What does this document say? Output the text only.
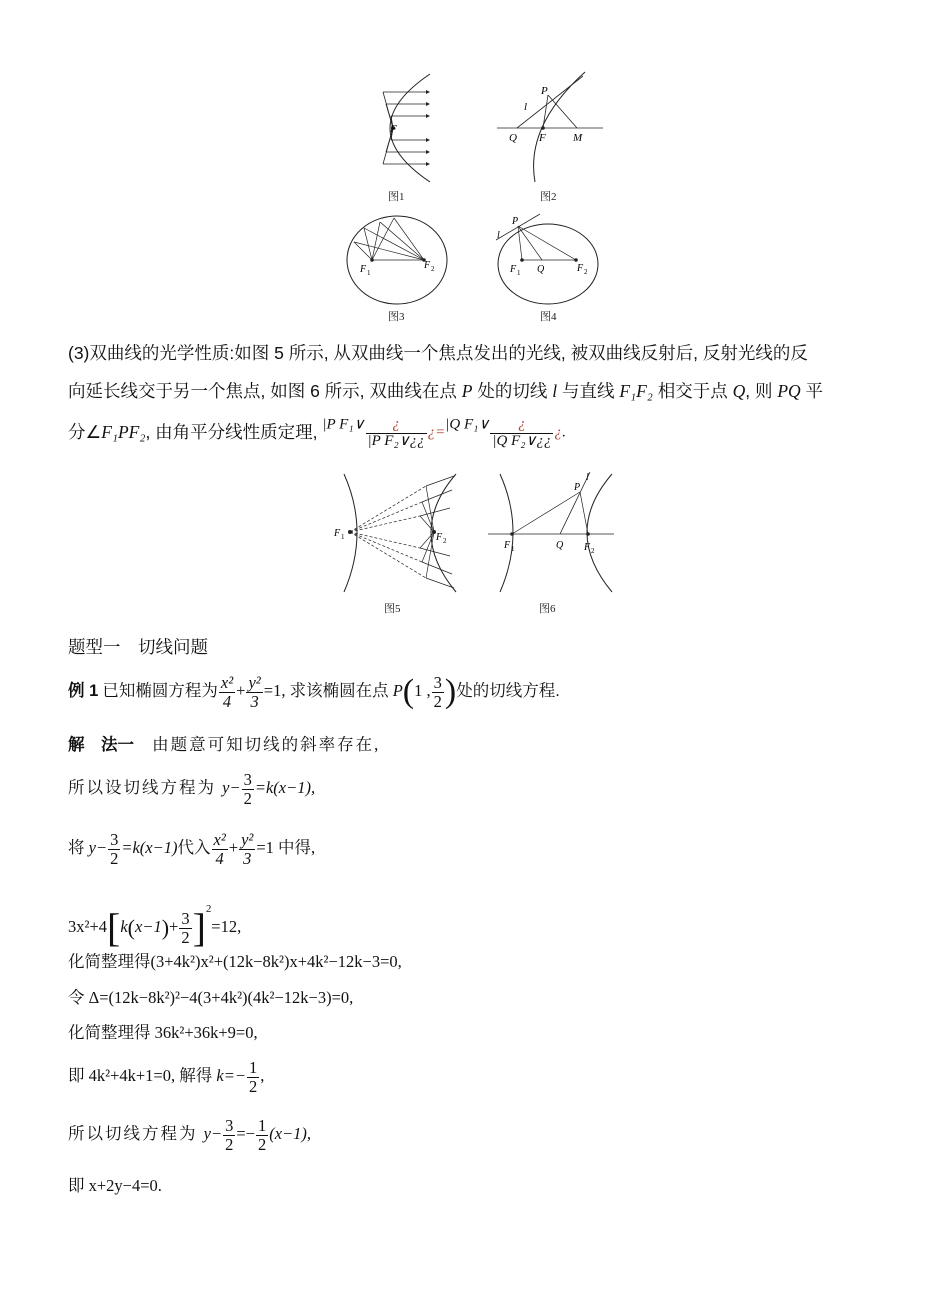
F
图1
P
l
Q F M
图2
F 1
F 2
图3
P
l
F 1 Q	F 2
图4
(3)双曲线的光学性质:如图 5 所示, 从双曲线一个焦点发出的光线, 被双曲线反射后, 反射光线的反
向延长线交于另一个焦点, 如图 6 所示, 双曲线在点 P 处的切线 l 与直线 F₁F₂ 相交于点 Q, 则 PQ 平
分∠F₁PF₂, 由角平分线性质定理, |P F₁∨ $\frac{¿}{\text{|P F₂∨¿¿}}$ ¿=|Q F₁∨ $\frac{¿}{\text{|Q F₂∨¿¿}}$ ¿.
F 1	F 2
图5
P
l
F 1	Q F 2
图6
题型一　切线问题
例 1 已知椭圆方程为 $\frac{\text{x²}}{4} + \frac{\text{y²}}{3} =1$, 求该椭圆在点 P(1 , $\frac{3}{2}$ )处的切线方程.
解　法一 由题意可知切线的斜率存在,
所以设切线方程为 $y- \frac{3}{2} =k(x-1)$,
将 $y- \frac{3}{2} =k(x-1)$代入 $\frac{\text{x²}}{4} + \frac{\text{y²}}{3} =1$ 中得,
$3x^2+4[k(x-1)+ \frac{3}{2} ]^2=12$,
化简整理得(3+4k²)x²+(12k−8k²)x+4k²−12k−3=0,
令 Δ=(12k−8k²)²−4(3+4k²)(4k²−12k−3)=0,
化简整理得 36k²+36k+9=0,
即 4k²+4k+1=0, 解得 $k=- \frac{1}{2}$ ,
所以切线方程为 $y- \frac{3}{2} =- \frac{1}{2} (x-1)$,
即 x+2y−4=0.
